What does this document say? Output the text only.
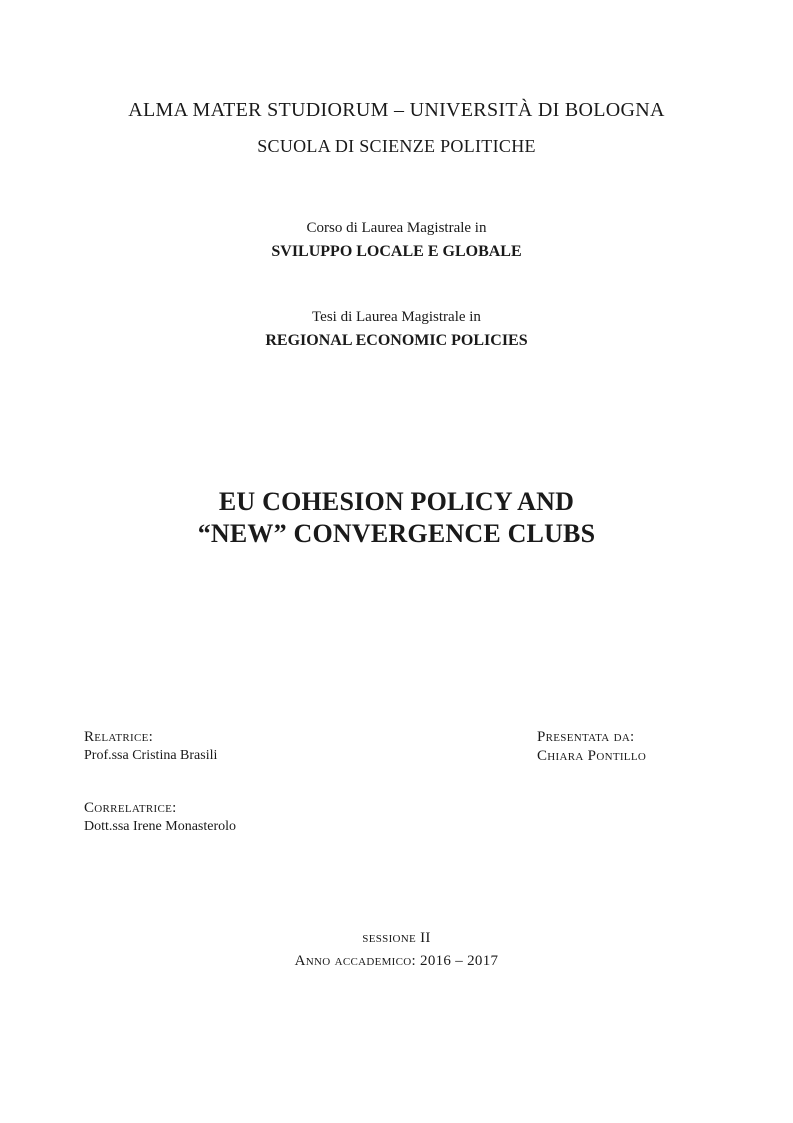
ALMA MATER STUDIORUM – UNIVERSITÀ DI BOLOGNA
SCUOLA DI SCIENZE POLITICHE
Corso di Laurea Magistrale in
SVILUPPO LOCALE E GLOBALE
Tesi di Laurea Magistrale in
REGIONAL ECONOMIC POLICIES
EU COHESION POLICY AND
“NEW” CONVERGENCE CLUBS
Relatrice:
Prof.ssa Cristina Brasili
Presentata da:
Chiara Pontillo
Correlatrice:
Dott.ssa Irene Monasterolo
sessione II
Anno accademico: 2016 – 2017
